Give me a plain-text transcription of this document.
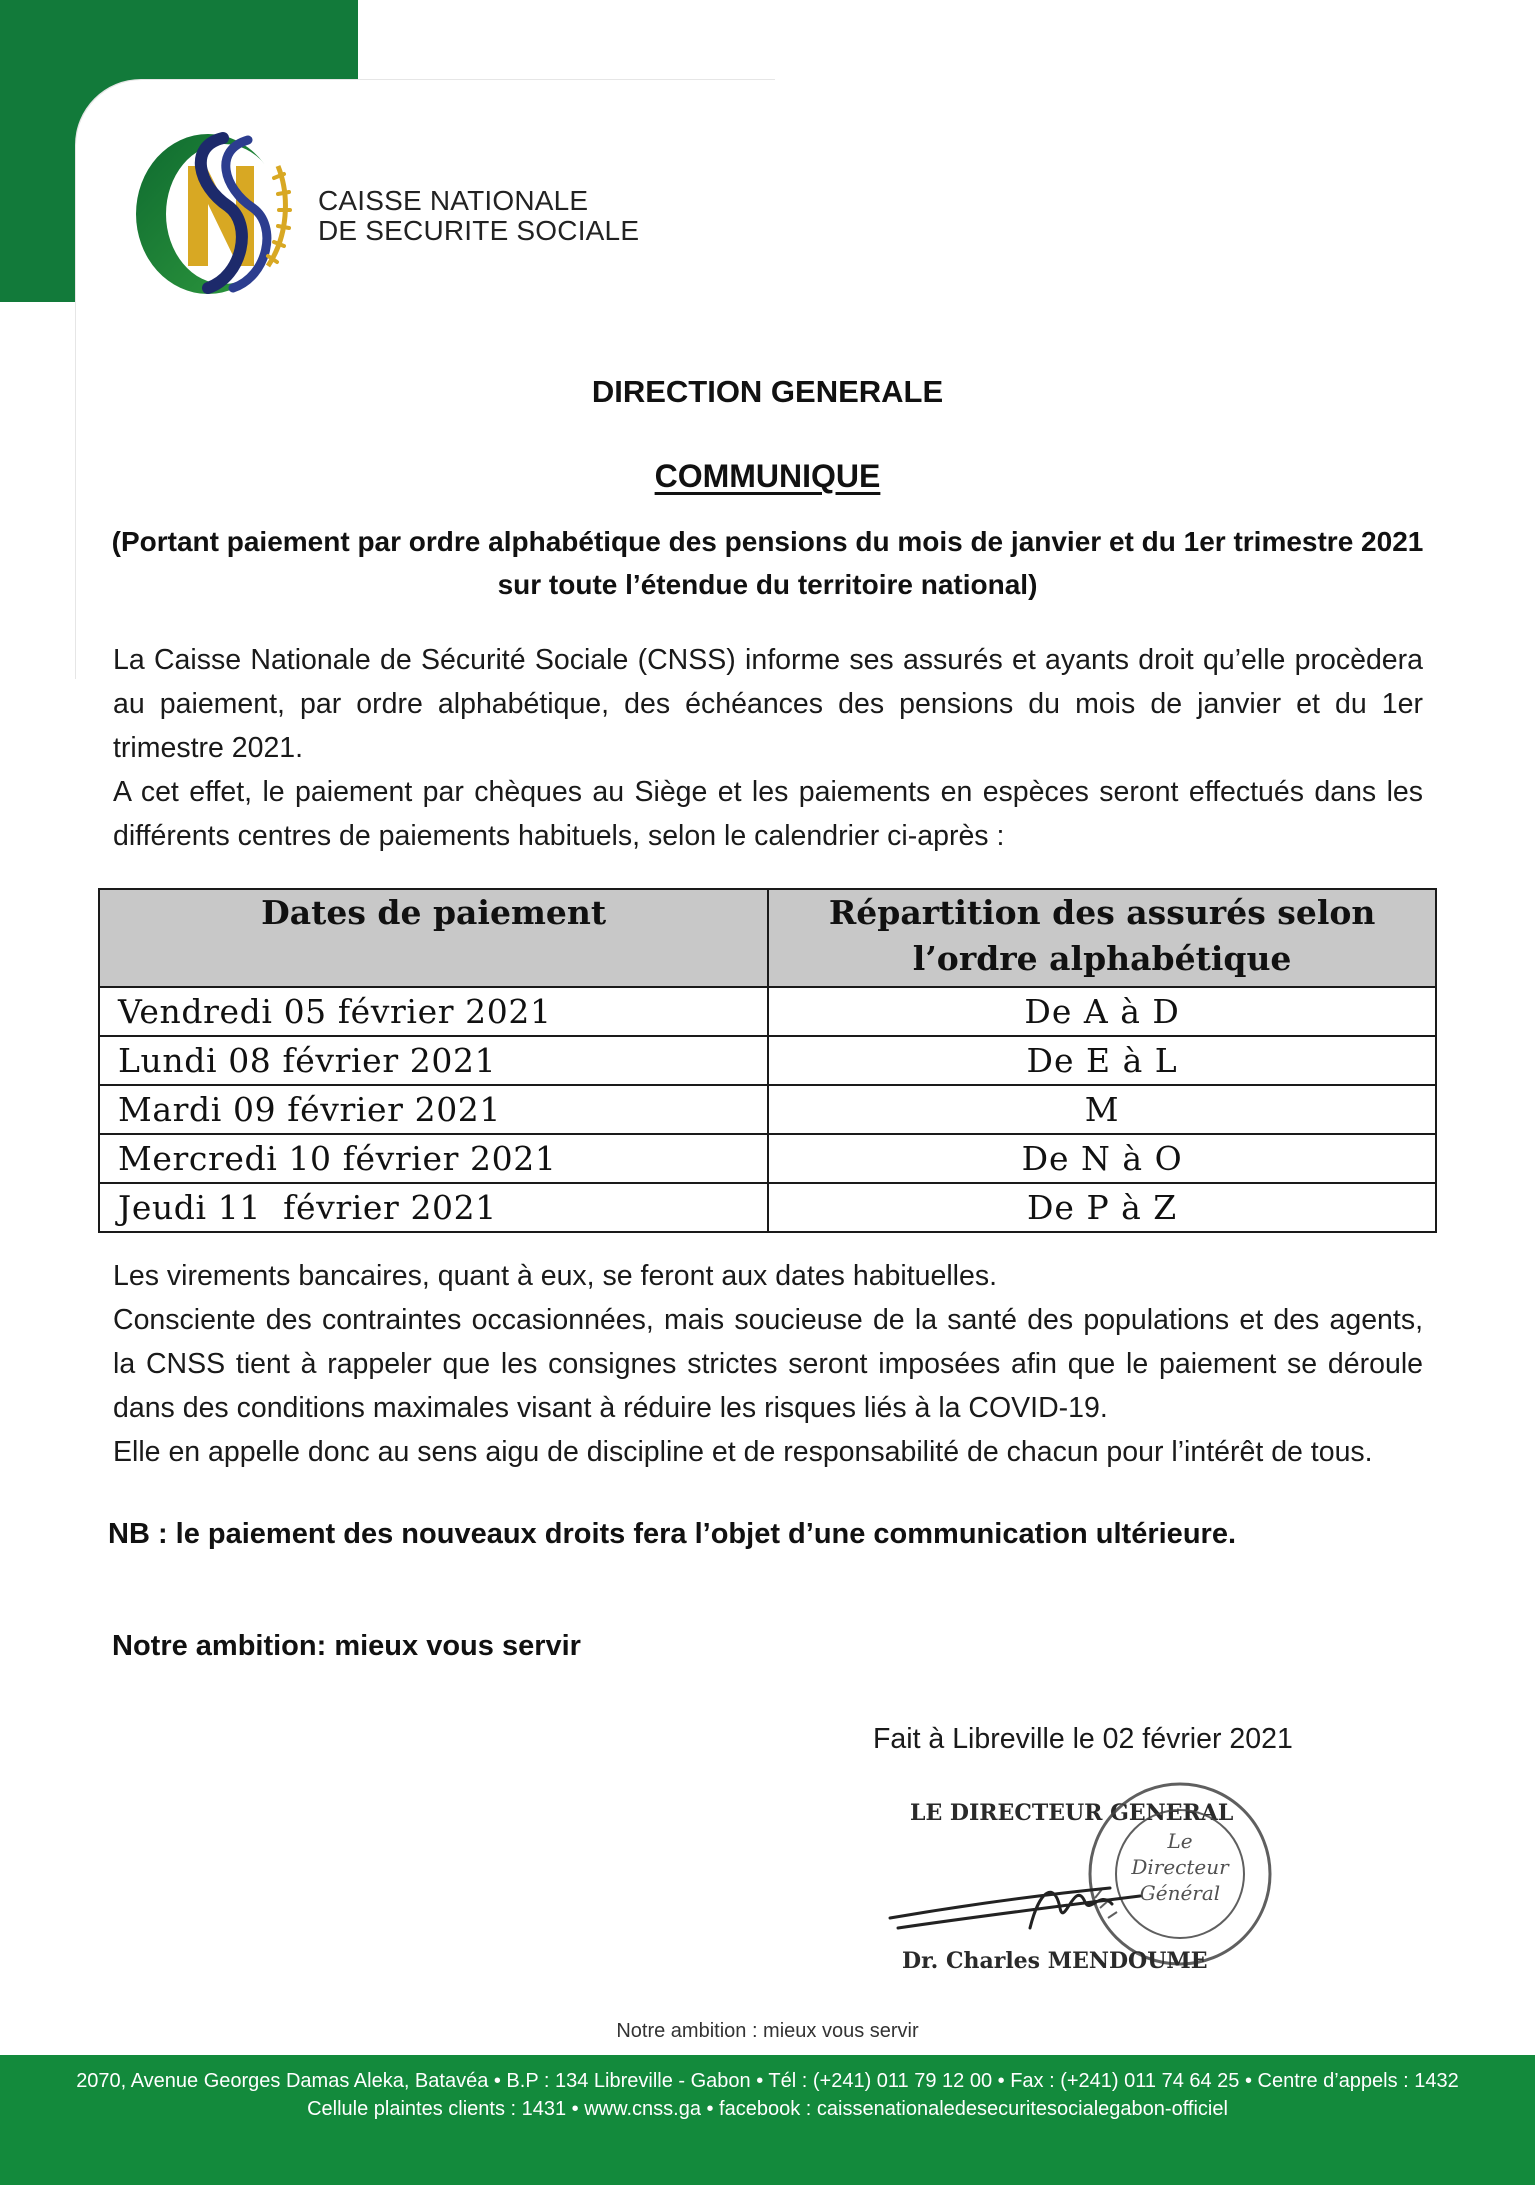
CAISSE NATIONALE
DE SECURITE SOCIALE
DIRECTION GENERALE
COMMUNIQUE
(Portant paiement par ordre alphabétique des pensions du mois de janvier et du 1er trimestre 2021 sur toute l’étendue du territoire national)
La Caisse Nationale de Sécurité Sociale (CNSS) informe ses assurés et ayants droit qu’elle procèdera au paiement, par ordre alphabétique, des échéances des pensions du mois de janvier et du 1er trimestre 2021.
A cet effet, le paiement par chèques au Siège et les paiements en espèces seront effectués dans les différents centres de paiements habituels, selon le calendrier ci-après :
Dates de paiement	Répartition des assurés selon l’ordre alphabétique
Vendredi 05 février 2021	De A à D
Lundi 08 février 2021	De E à L
Mardi 09 février 2021	M
Mercredi 10 février 2021	De N à O
Jeudi 11  février 2021	De P à Z
Les virements bancaires, quant à eux, se feront aux dates habituelles.
Consciente des contraintes occasionnées, mais soucieuse de la santé des populations et des agents, la CNSS tient à rappeler que les consignes strictes seront imposées afin que le paiement se déroule dans des conditions maximales visant à réduire les risques liés à la COVID-19.
Elle en appelle donc au sens aigu de discipline et de responsabilité de chacun pour l’intérêt de tous.
NB : le paiement des nouveaux droits fera l’objet d’une communication ultérieure.
Notre ambition: mieux vous servir
Fait à Libreville le 02 février 2021
LE DIRECTEUR GENERAL
Le
Directeur
Général
Dr. Charles MENDOUME
Notre ambition : mieux vous servir
2070, Avenue Georges Damas Aleka, Batavéa • B.P : 134 Libreville - Gabon • Tél : (+241) 011 79 12 00 • Fax : (+241) 011 74 64 25 • Centre d’appels : 1432
Cellule plaintes clients : 1431 • www.cnss.ga • facebook : caissenationaledesecuritesocialegabon-officiel
